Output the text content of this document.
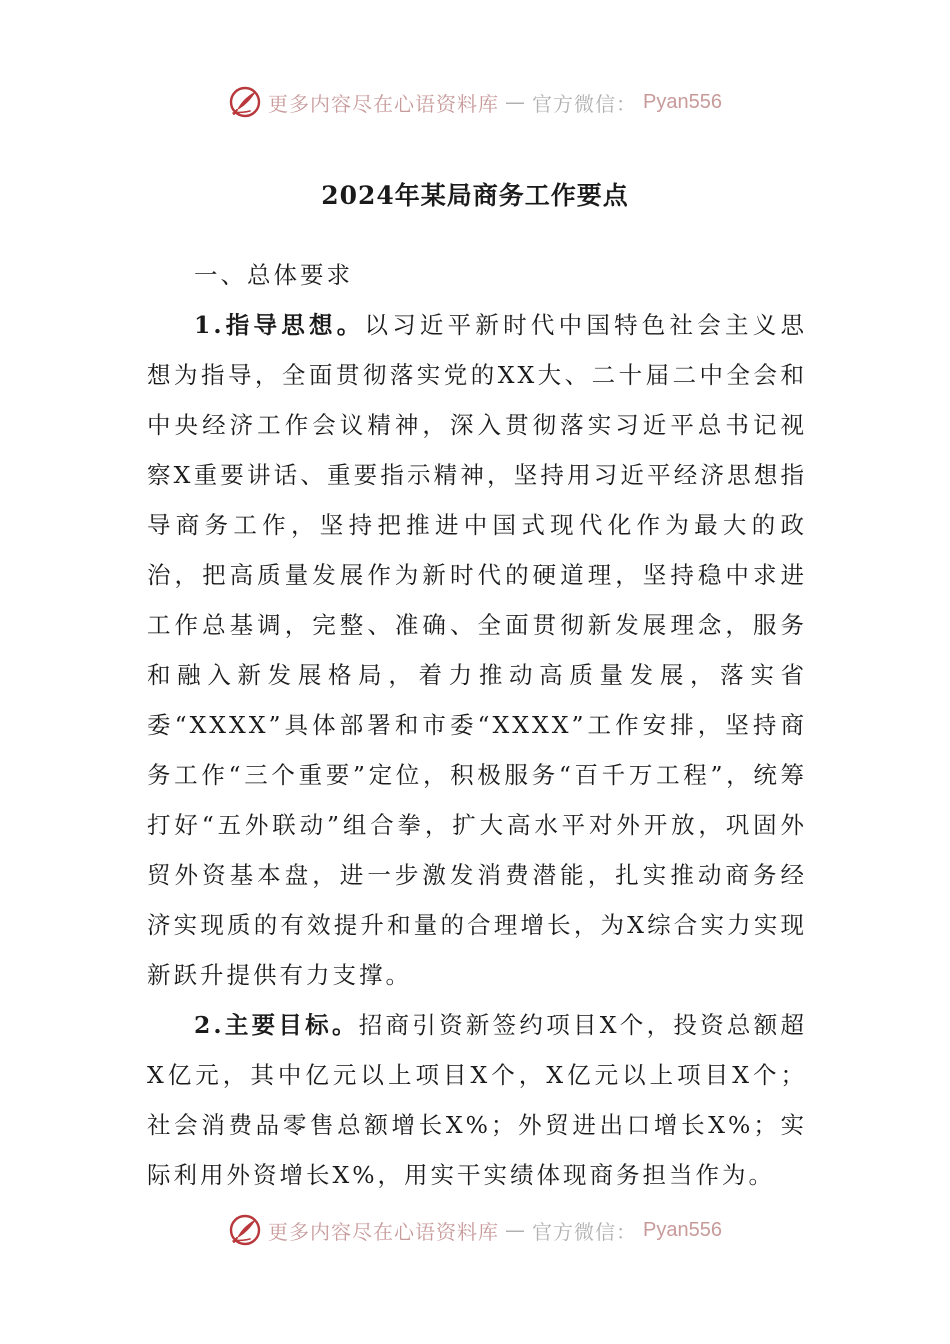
更多内容尽在心语资料库 — 官方微信： Pyan556
2024年某局商务工作要点

一、总体要求

1.指导思想。以习近平新时代中国特色社会主义思想为指导，全面贯彻落实党的XX大、二十届二中全会和中央经济工作会议精神，深入贯彻落实习近平总书记视察X重要讲话、重要指示精神，坚持用习近平经济思想指导商务工作，坚持把推进中国式现代化作为最大的政治，把高质量发展作为新时代的硬道理，坚持稳中求进工作总基调，完整、准确、全面贯彻新发展理念，服务和融入新发展格局，着力推动高质量发展，落实省委“XXXX”具体部署和市委“XXXX”工作安排，坚持商务工作“三个重要”定位，积极服务“百千万工程”，统筹打好“五外联动”组合拳，扩大高水平对外开放，巩固外贸外资基本盘，进一步激发消费潜能，扎实推动商务经济实现质的有效提升和量的合理增长，为X综合实力实现新跃升提供有力支撑。

2.主要目标。招商引资新签约项目X个，投资总额超X亿元，其中亿元以上项目X个，X亿元以上项目X个；社会消费品零售总额增长X%；外贸进出口增长X%；实际利用外资增长X%，用实干实绩体现商务担当作为。

更多内容尽在心语资料库 — 官方微信： Pyan556
